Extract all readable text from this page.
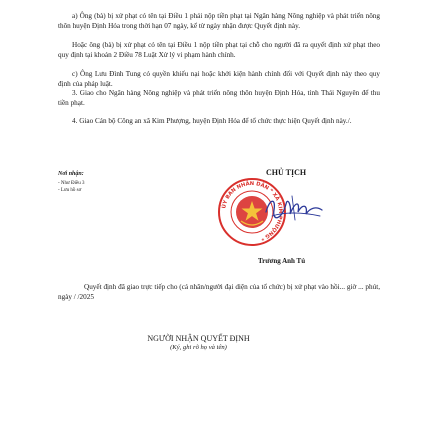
a) Ông (bà) bị xử phạt có tên tại Điều 1 phải nộp tiền phạt tại Ngân hàng Nông nghiệp và phát triển nông thôn huyện Định Hóa trong thời hạn 07 ngày, kể từ ngày nhận được Quyết định này.

Hoặc ông (bà) bị xử phạt có tên tại Điều 1 nộp tiền phạt tại chỗ cho người đã ra quyết định xử phạt theo quy định tại khoản 2 Điều 78 Luật Xử lý vi phạm hành chính.

c) Ông Lưu Đình Tung có quyền khiếu nại hoặc khởi kiện hành chính đối với Quyết định này theo quy định của pháp luật.

3. Giao cho Ngân hàng Nông nghiệp và phát triển nông thôn huyện Định Hóa, tỉnh Thái Nguyên để thu tiền phạt.

4. Giao Cán bộ Công an xã Kim Phượng, huyện Định Hóa để tổ chức thực hiện Quyết định này./.

Nơi nhận:
- Như Điều 3
- Lưu hồ sơ
CHỦ TỊCH
ỦY BAN NHÂN DÂN * XÃ KIM PHƯỢNG *
Trương Anh Tú

Quyết định đã giao trực tiếp cho (cá nhân/người đại diện của tổ chức) bị xử phạt vào hồi... giờ ... phút, ngày / /2025

NGƯỜI NHẬN QUYẾT ĐỊNH
(Ký, ghi rõ họ và tên)
